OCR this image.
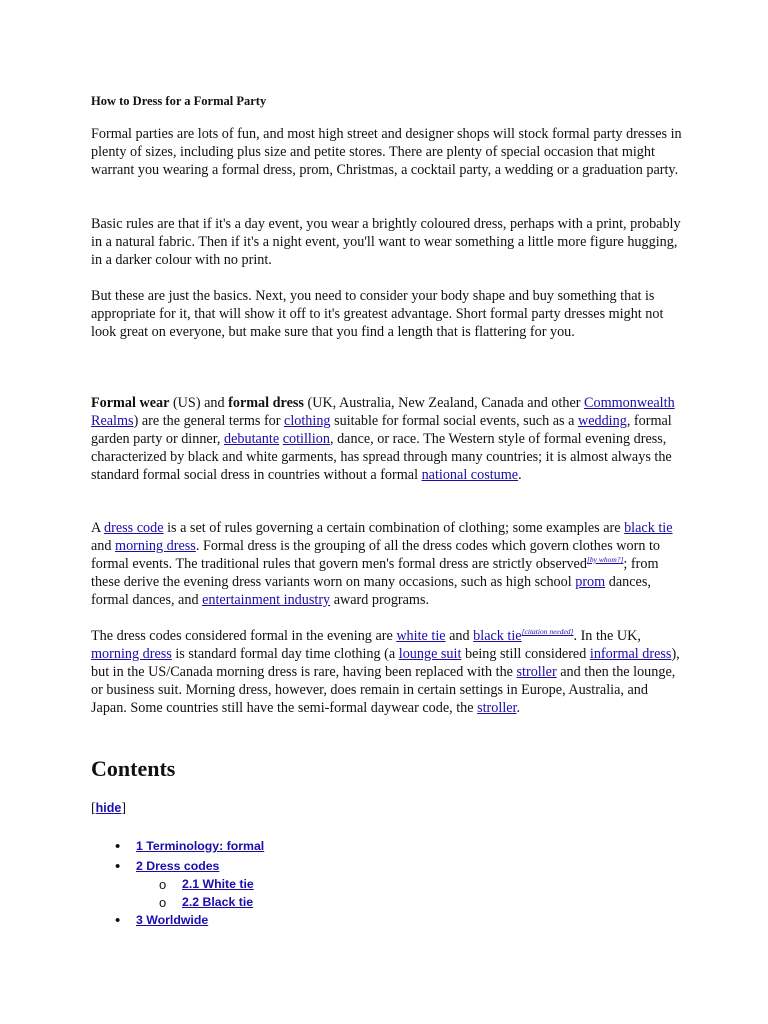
How to Dress for a Formal Party

Formal parties are lots of fun, and most high street and designer shops will stock formal party dresses in plenty of sizes, including plus size and petite stores. There are plenty of special occasion that might warrant you wearing a formal dress, prom, Christmas, a cocktail party, a wedding or a graduation party.

Basic rules are that if it's a day event, you wear a brightly coloured dress, perhaps with a print, probably in a natural fabric. Then if it's a night event, you'll want to wear something a little more figure hugging, in a darker colour with no print.

But these are just the basics. Next, you need to consider your body shape and buy something that is appropriate for it, that will show it off to it's greatest advantage. Short formal party dresses might not look great on everyone, but make sure that you find a length that is flattering for you.

Formal wear (US) and formal dress (UK, Australia, New Zealand, Canada and other Commonwealth Realms) are the general terms for clothing suitable for formal social events, such as a wedding, formal garden party or dinner, debutante cotillion, dance, or race. The Western style of formal evening dress, characterized by black and white garments, has spread through many countries; it is almost always the standard formal social dress in countries without a formal national costume.

A dress code is a set of rules governing a certain combination of clothing; some examples are black tie and morning dress. Formal dress is the grouping of all the dress codes which govern clothes worn to formal events. The traditional rules that govern men's formal dress are strictly observed[by whom?]; from these derive the evening dress variants worn on many occasions, such as high school prom dances, formal dances, and entertainment industry award programs.

The dress codes considered formal in the evening are white tie and black tie[citation needed]. In the UK, morning dress is standard formal day time clothing (a lounge suit being still considered informal dress), but in the US/Canada morning dress is rare, having been replaced with the stroller and then the lounge, or business suit. Morning dress, however, does remain in certain settings in Europe, Australia, and Japan. Some countries still have the semi-formal daywear code, the stroller.

Contents
[hide]
• 1 Terminology: formal
• 2 Dress codes
o 2.1 White tie
o 2.2 Black tie
• 3 Worldwide
